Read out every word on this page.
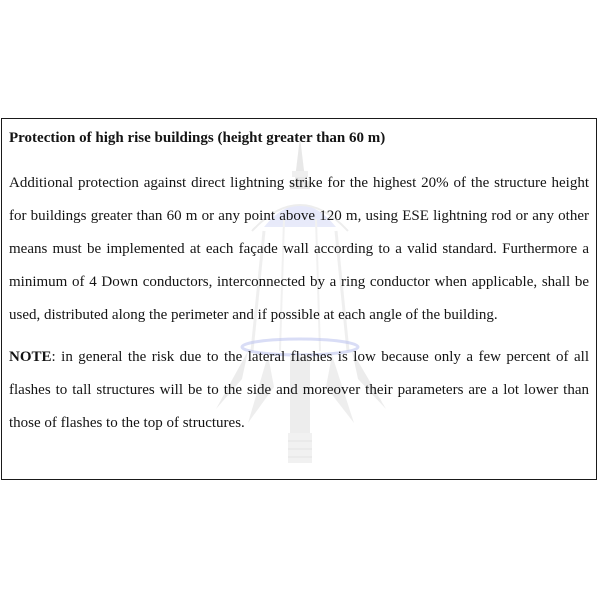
Protection of high rise buildings (height greater than 60 m)

Additional protection against direct lightning strike for the highest 20% of the structure height for buildings greater than 60 m or any point above 120 m, using ESE lightning rod or any other means must be implemented at each façade wall according to a valid standard. Furthermore a minimum of 4 Down conductors, interconnected by a ring conductor when applicable, shall be used, distributed along the perimeter and if possible at each angle of the building.

NOTE: in general the risk due to the lateral flashes is low because only a few percent of all flashes to tall structures will be to the side and moreover their parameters are a lot lower than those of flashes to the top of structures.
